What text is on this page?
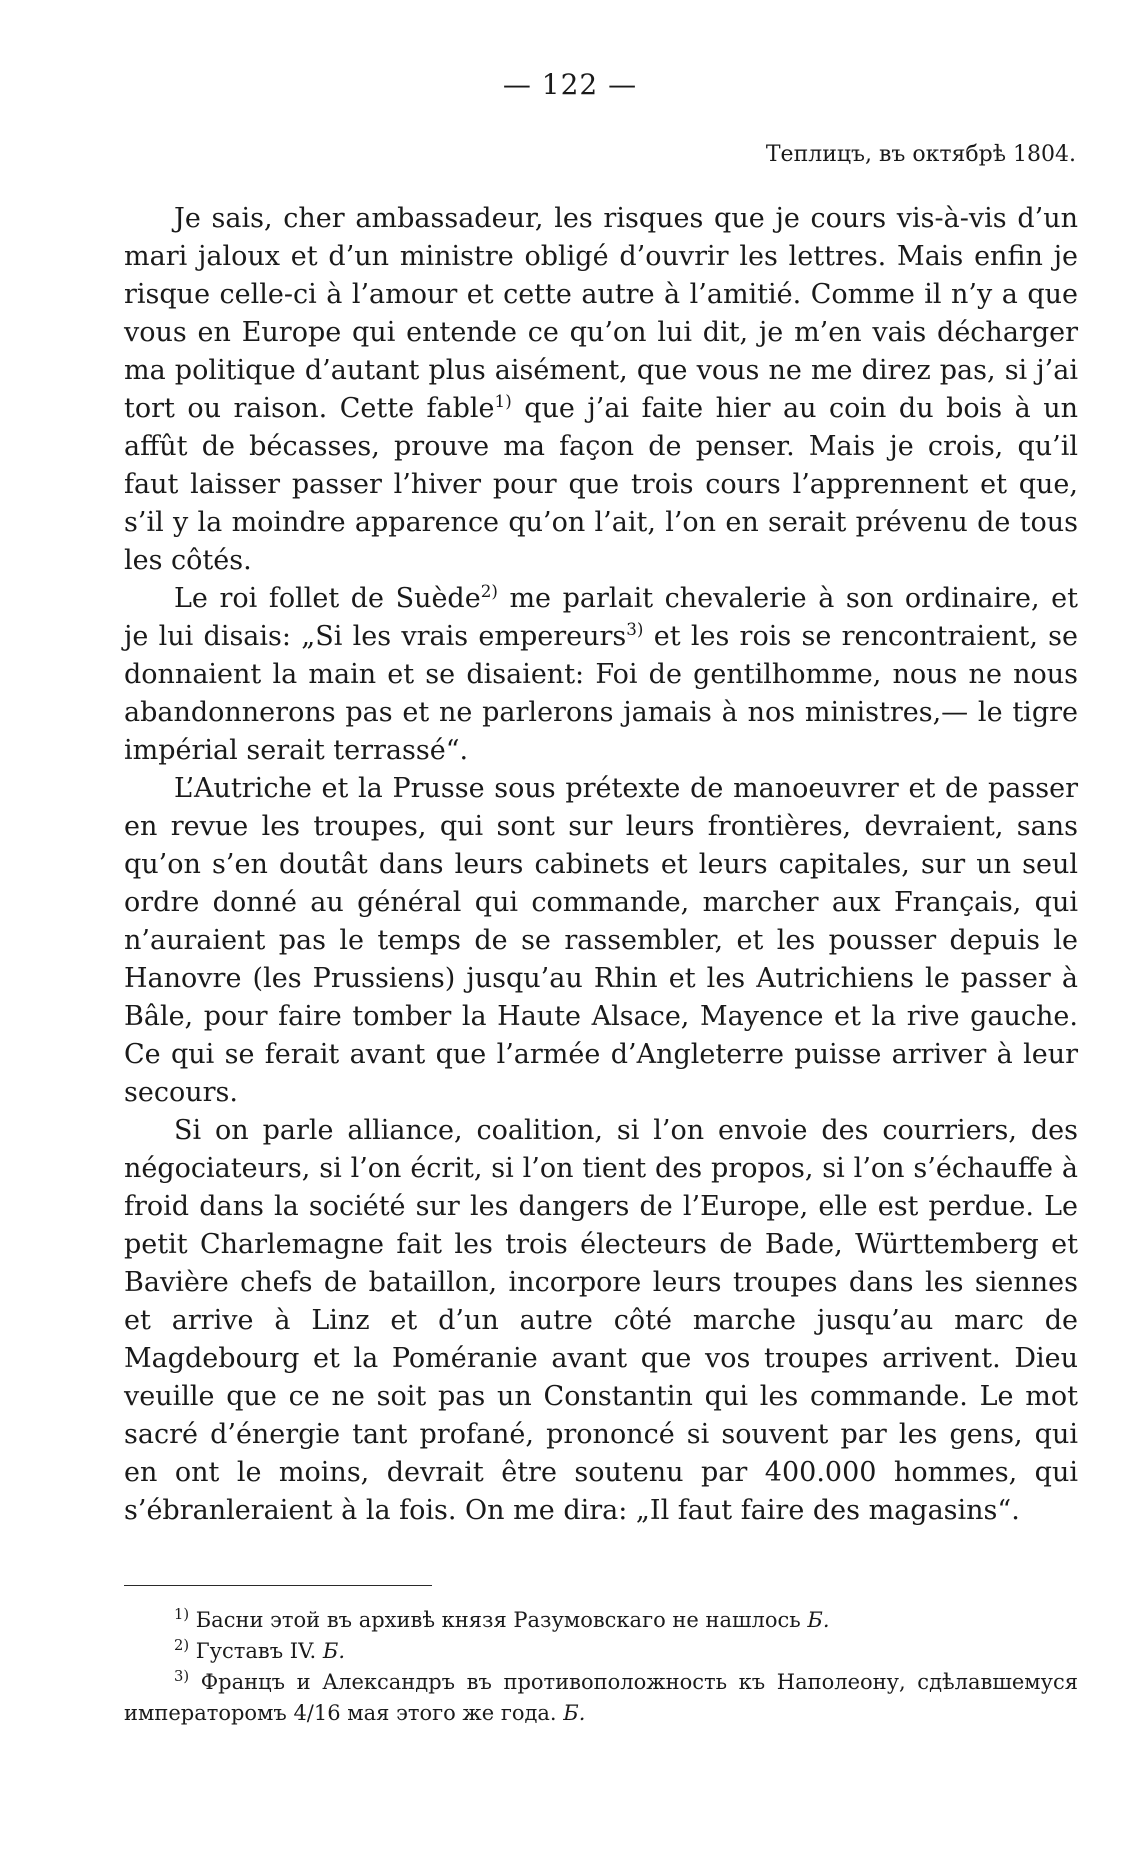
— 122 —
Теплицъ, въ октябрѣ 1804.

Je sais, cher ambassadeur, les risques que je cours vis-à-vis d’un mari jaloux et d’un ministre obligé d’ouvrir les lettres. Mais enfin je risque celle-ci à l’amour et cette autre à l’amitié. Comme il n’y a que vous en Europe qui entende ce qu’on lui dit, je m’en vais décharger ma politique d’autant plus aisément, que vous ne me direz pas, si j’ai tort ou raison. Cette fable$^{1)}$ que j’ai faite hier au coin du bois à un affût de bécasses, prouve ma façon de penser. Mais je crois, qu’il faut laisser passer l’hiver pour que trois cours l’apprennent et que, s’il y la moindre apparence qu’on l’ait, l’on en serait prévenu de tous les côtés.

Le roi follet de Suède$^{2)}$ me parlait chevalerie à son ordinaire, et je lui disais: „Si les vrais empereurs$^{3)}$ et les rois se rencontraient, se donnaient la main et se disaient: Foi de gentilhomme, nous ne nous abandonnerons pas et ne parlerons jamais à nos ministres,— le tigre impérial serait terrassé“.

L’Autriche et la Prusse sous prétexte de manoeuvrer et de passer en revue les troupes, qui sont sur leurs frontières, devraient, sans qu’on s’en doutât dans leurs cabinets et leurs capitales, sur un seul ordre donné au général qui commande, marcher aux Français, qui n’auraient pas le temps de se rassembler, et les pousser depuis le Hanovre (les Prussiens) jusqu’au Rhin et les Autrichiens le passer à Bâle, pour faire tomber la Haute Alsace, Mayence et la rive gauche. Ce qui se ferait avant que l’armée d’Angleterre puisse arriver à leur secours.

Si on parle alliance, coalition, si l’on envoie des courriers, des négociateurs, si l’on écrit, si l’on tient des propos, si l’on s’échauffe à froid dans la société sur les dangers de l’Europe, elle est perdue. Le petit Charlemagne fait les trois électeurs de Bade, Württemberg et Bavière chefs de bataillon, incorpore leurs troupes dans les siennes et arrive à Linz et d’un autre côté marche jusqu’au marc de Magdebourg et la Poméranie avant que vos troupes arrivent. Dieu veuille que ce ne soit pas un Constantin qui les commande. Le mot sacré d’énergie tant profané, prononcé si souvent par les gens, qui en ont le moins, devrait être soutenu par 400.000 hommes, qui s’ébranleraient à la fois. On me dira: „Il faut faire des magasins“.

$^{1)}$ Басни этой въ архивѣ князя Разумовскаго не нашлось Б.

$^{2)}$ Густавъ IV. Б.

$^{3)}$ Францъ и Александръ въ противоположность къ Наполеону, сдѣлавшемуся императоромъ 4/16 мая этого же года. Б.
